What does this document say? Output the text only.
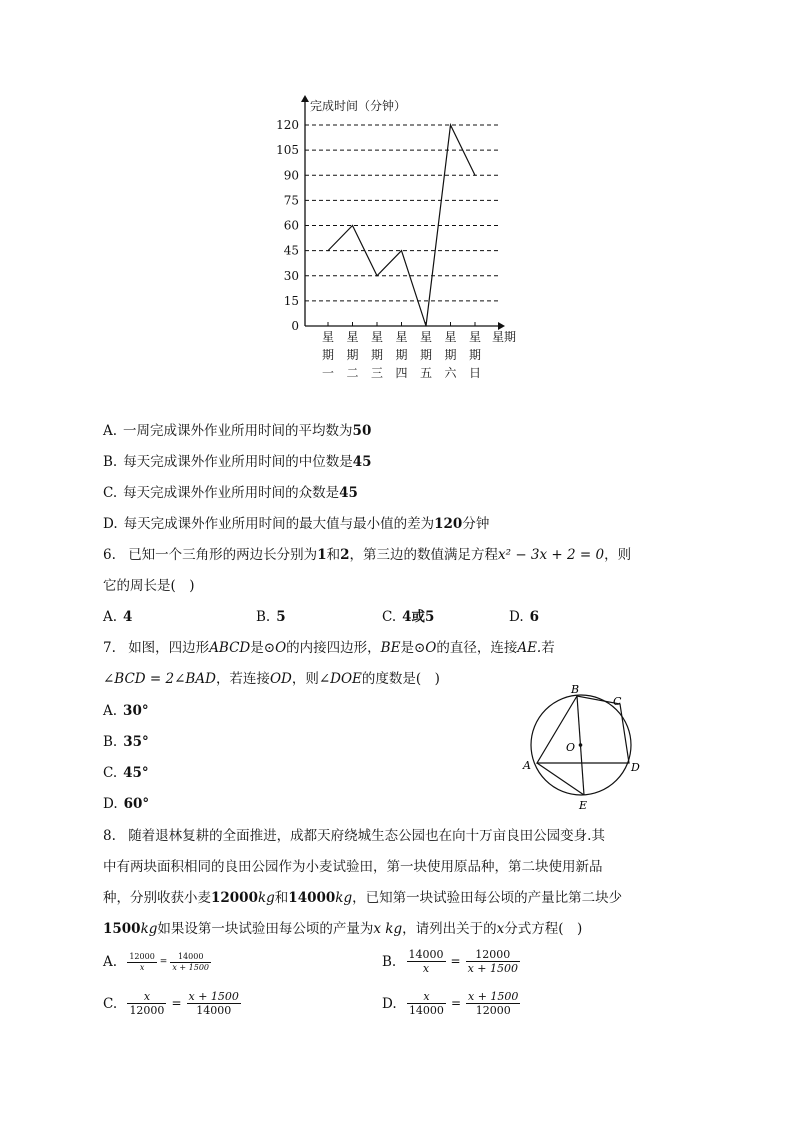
0
15
30
45
60
75
90
105
120
完成时间（分钟）
星期
星
期
一
星
期
二
星
期
三
星
期
四
星
期
五
星
期
六
星
期
日
A. 一周完成课外作业所用时间的平均数为50
B. 每天完成课外作业所用时间的中位数是45
C. 每天完成课外作业所用时间的众数是45
D. 每天完成课外作业所用时间的最大值与最小值的差为120分钟
6. 已知一个三角形的两边长分别为1和2，第三边的数值满足方程x² − 3x + 2 = 0，则
它的周长是(　)
A. 4	B. 5	C. 4或5	D. 6
7. 如图，四边形ABCD是⊙O的内接四边形，BE是⊙O的直径，连接AE.若
∠BCD = 2∠BAD，若连接OD，则∠DOE的度数是(　)
A. 30°
B. 35°
C. 45°
D. 60°
B
C
O
A	D
E
8. 随着退林复耕的全面推进，成都天府绕城生态公园也在向十万亩良田公园变身.其
中有两块面积相同的良田公园作为小麦试验田，第一块使用原品种，第二块使用新品
种，分别收获小麦12000kg和14000kg，已知第一块试验田每公顷的产量比第二块少
1500kg如果设第一块试验田每公顷的产量为x kg，请列出关于的x分式方程(　)
A. $\frac{12000}{x} = \frac{14000}{x + 1500}$	B. $\frac{14000}{x} = \frac{12000}{x + 1500}$
C. $\frac{x}{12000} = \frac{x + 1500}{14000}$	D. $\frac{x}{14000} = \frac{x + 1500}{12000}$
